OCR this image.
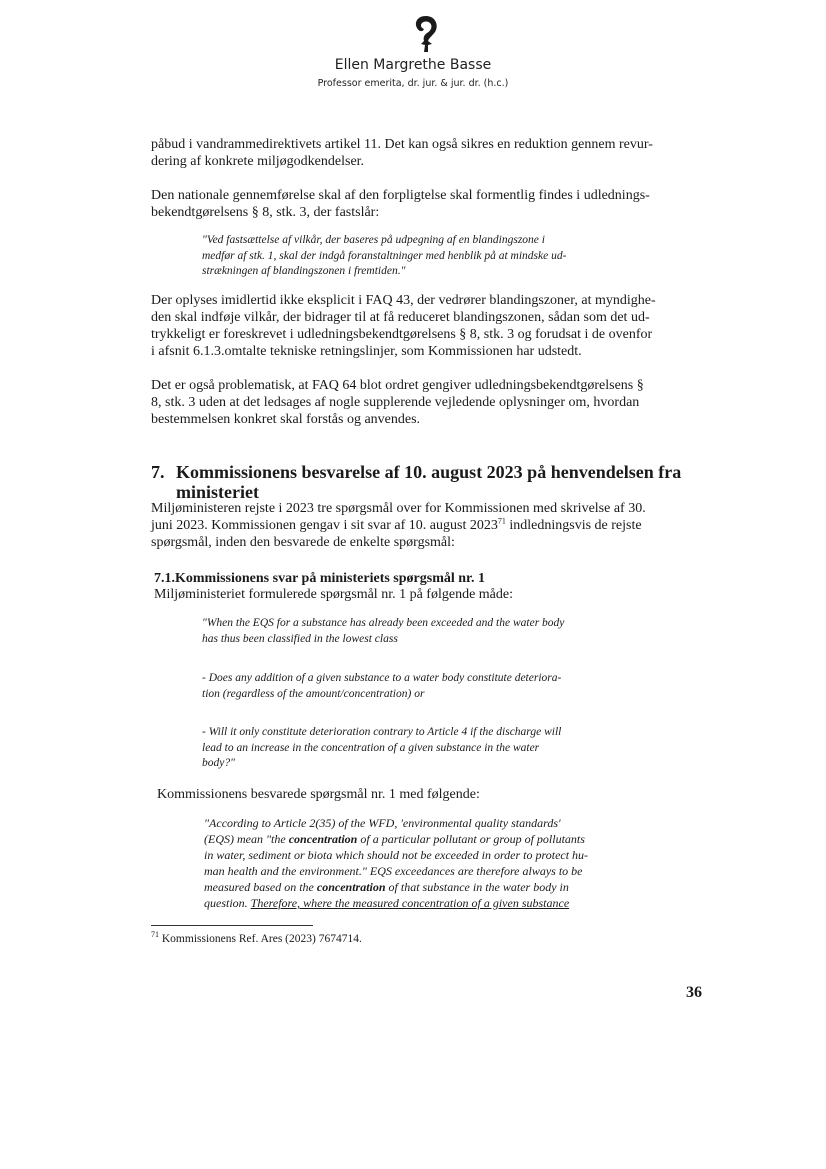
Ellen Margrethe Basse
Professor emerita, dr. jur. & jur. dr. (h.c.)

påbud i vandrammedirektivets artikel 11. Det kan også sikres en reduktion gennem revur-
dering af konkrete miljøgodkendelser.

Den nationale gennemførelse skal af den forpligtelse skal formentlig findes i udlednings-
bekendtgørelsens § 8, stk. 3, der fastslår:

"Ved fastsættelse af vilkår, der baseres på udpegning af en blandingszone i
medfør af stk. 1, skal der indgå foranstaltninger med henblik på at mindske ud-
strækningen af blandingszonen i fremtiden."

Der oplyses imidlertid ikke eksplicit i FAQ 43, der vedrører blandingszoner, at myndighe-
den skal indføje vilkår, der bidrager til at få reduceret blandingszonen, sådan som det ud-
trykkeligt er foreskrevet i udledningsbekendtgørelsens § 8, stk. 3 og forudsat i de ovenfor
i afsnit 6.1.3.omtalte tekniske retningslinjer, som Kommissionen har udstedt.

Det er også problematisk, at FAQ 64 blot ordret gengiver udledningsbekendtgørelsens §
8, stk. 3 uden at det ledsages af nogle supplerende vejledende oplysninger om, hvordan
bestemmelsen konkret skal forstås og anvendes.

7. Kommissionens besvarelse af 10. august 2023 på henvendelsen fra
ministeriet

Miljøministeren rejste i 2023 tre spørgsmål over for Kommissionen med skrivelse af 30.
juni 2023. Kommissionen gengav i sit svar af 10. august 2023$^{71}$ indledningsvis de rejste
spørgsmål, inden den besvarede de enkelte spørgsmål:

7.1.Kommissionens svar på ministeriets spørgsmål nr. 1

Miljøministeriet formulerede spørgsmål nr. 1 på følgende måde:

"When the EQS for a substance has already been exceeded and the water body
has thus been classified in the lowest class

- Does any addition of a given substance to a water body constitute deteriora-
tion (regardless of the amount/concentration) or

- Will it only constitute deterioration contrary to Article 4 if the discharge will
lead to an increase in the concentration of a given substance in the water
body?"

Kommissionens besvarede spørgsmål nr. 1 med følgende:

"According to Article 2(35) of the WFD, 'environmental quality standards'
(EQS) mean "the concentration of a particular pollutant or group of pollutants
in water, sediment or biota which should not be exceeded in order to protect hu-
man health and the environment." EQS exceedances are therefore always to be
measured based on the concentration of that substance in the water body in
question. Therefore, where the measured concentration of a given substance

$^{71}$ Kommissionens Ref. Ares (2023) 7674714.

36
